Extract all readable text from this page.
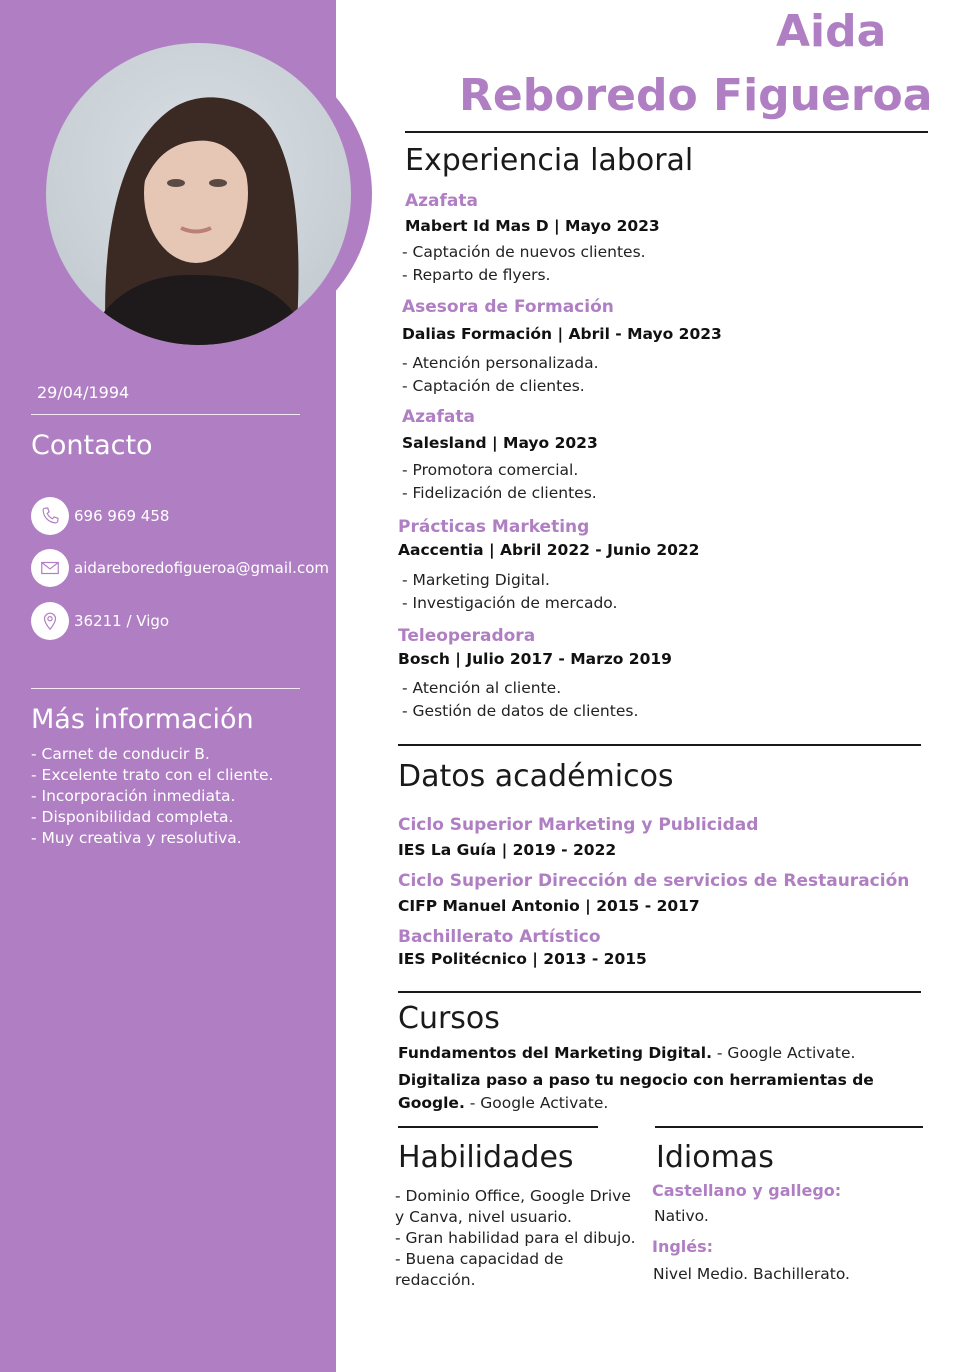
29/04/1994
Contacto
696 969 458
aidareboredofigueroa@gmail.com
36211 / Vigo
Más información
- Carnet de conducir B.
- Excelente trato con el cliente.
- Incorporación inmediata.
- Disponibilidad completa.
- Muy creativa y resolutiva.
Aida
Reboredo Figueroa
Experiencia laboral
Azafata
Mabert Id Mas D | Mayo 2023
- Captación de nuevos clientes.
- Reparto de flyers.
Asesora de Formación
Dalias Formación | Abril - Mayo 2023
- Atención personalizada.
- Captación de clientes.
Azafata
Salesland | Mayo 2023
- Promotora comercial.
- Fidelización de clientes.
Prácticas Marketing
Aaccentia | Abril 2022 - Junio 2022
- Marketing Digital.
- Investigación de mercado.
Teleoperadora
Bosch | Julio 2017 - Marzo 2019
- Atención al cliente.
- Gestión de datos de clientes.
Datos académicos
Ciclo Superior Marketing y Publicidad
IES La Guía | 2019 - 2022
Ciclo Superior Dirección de servicios de Restauración
CIFP Manuel Antonio | 2015 - 2017
Bachillerato Artístico
IES Politécnico | 2013 - 2015
Cursos
Fundamentos del Marketing Digital. - Google Activate.
Digitaliza paso a paso tu negocio con herramientas de Google. - Google Activate.
Habilidades
- Dominio Office, Google Drive
y Canva, nivel usuario.
- Gran habilidad para el dibujo.
- Buena capacidad de
redacción.
Idiomas
Castellano y gallego:
Nativo.
Inglés:
Nivel Medio. Bachillerato.
